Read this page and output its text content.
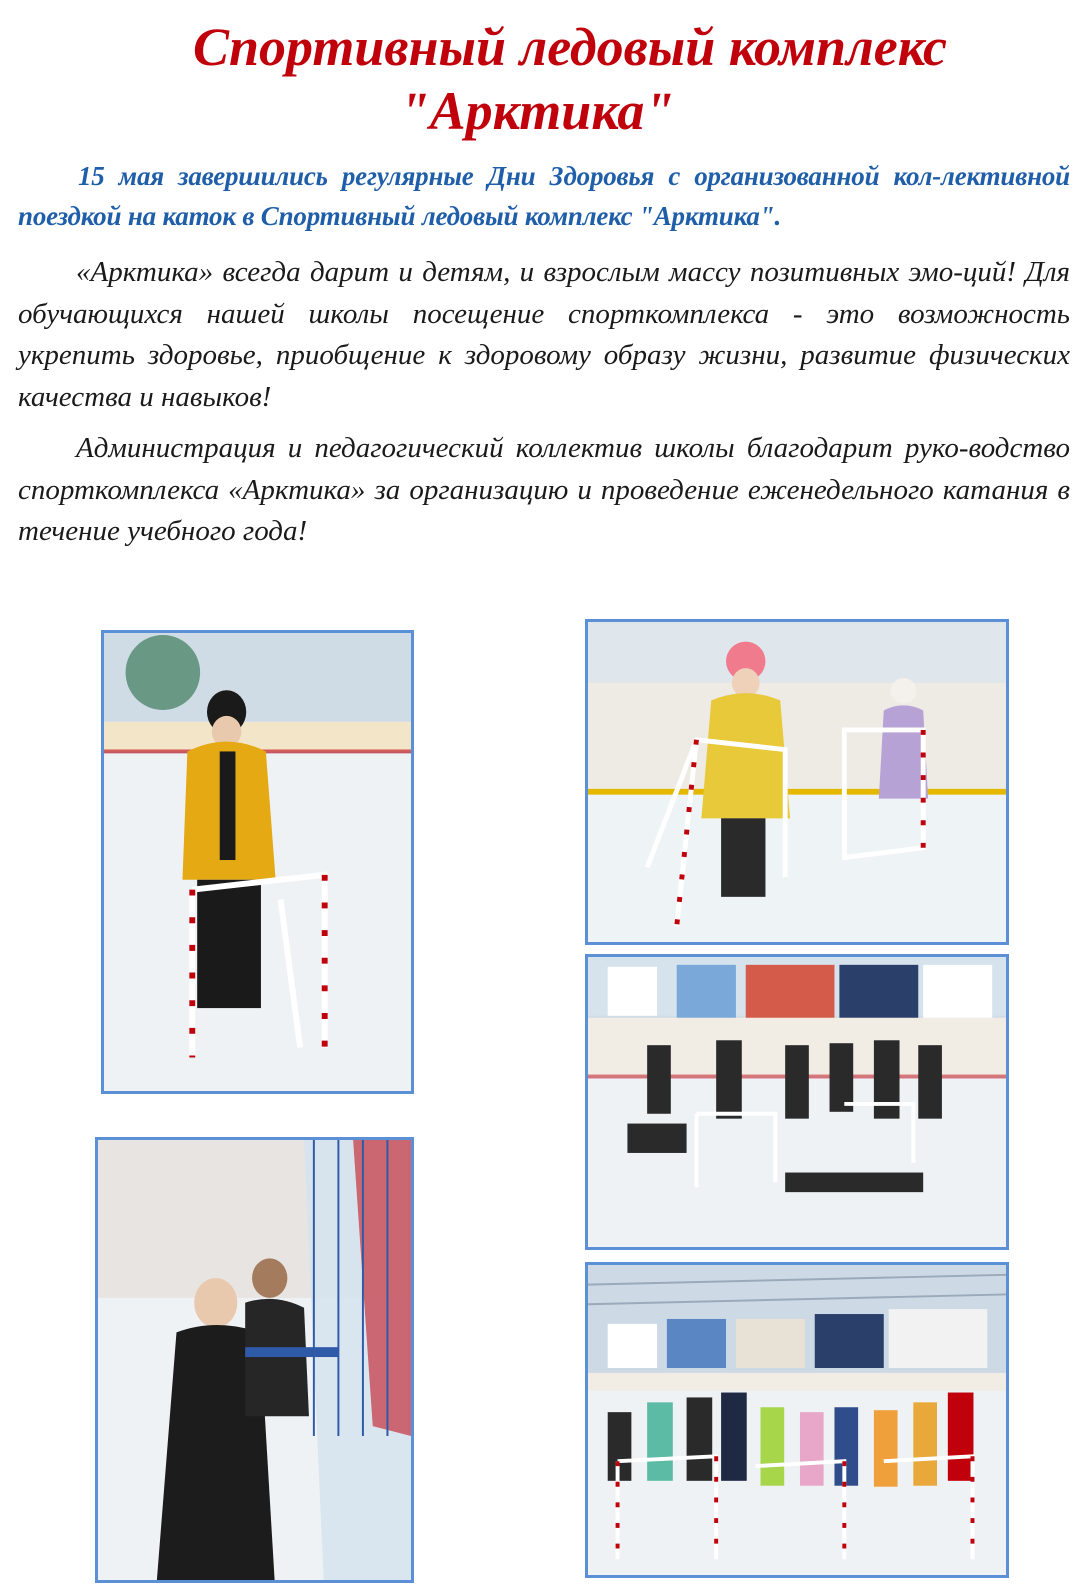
Спортивный ледовый комплекс
"Арктика"

15 мая завершились регулярные Дни Здоровья с организованной кол-лективной поездкой на каток в Спортивный ледовый комплекс "Арктика".

«Арктика» всегда дарит и детям, и взрослым массу позитивных эмо-ций! Для обучающихся нашей школы посещение спорткомплекса - это возможность укрепить здоровье, приобщение к здоровому образу жизни, развитие физических качества и навыков!

Администрация и педагогический коллектив школы благодарит руко-водство спорткомплекса «Арктика» за организацию и проведение еженедельного катания в течение учебного года!
